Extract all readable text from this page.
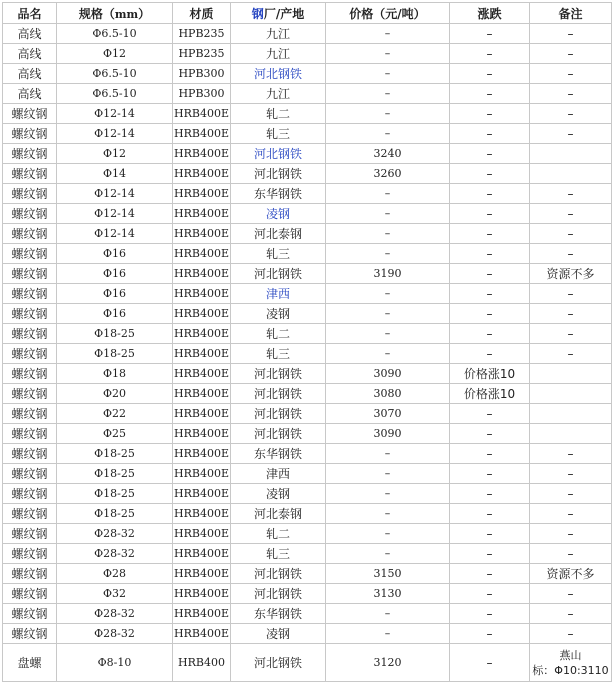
品名	规格（mm）	材质	钢厂/产地	价格（元/吨）	涨跌	备注
高线	Φ6.5-10	HPB235	九江	–	–	–
高线	Φ12	HPB235	九江	–	–	–
高线	Φ6.5-10	HPB300	河北钢铁	–	–	–
高线	Φ6.5-10	HPB300	九江	–	–	–
螺纹钢	Φ12-14	HRB400E	轧二	–	–	–
螺纹钢	Φ12-14	HRB400E	轧三	–	–	–
螺纹钢	Φ12	HRB400E	河北钢铁	3240	–	
螺纹钢	Φ14	HRB400E	河北钢铁	3260	–	
螺纹钢	Φ12-14	HRB400E	东华钢铁	–	–	–
螺纹钢	Φ12-14	HRB400E	凌钢	–	–	–
螺纹钢	Φ12-14	HRB400E	河北泰钢	–	–	–
螺纹钢	Φ16	HRB400E	轧三	–	–	–
螺纹钢	Φ16	HRB400E	河北钢铁	3190	–	资源不多
螺纹钢	Φ16	HRB400E	津西	–	–	–
螺纹钢	Φ16	HRB400E	凌钢	–	–	–
螺纹钢	Φ18-25	HRB400E	轧二	–	–	–
螺纹钢	Φ18-25	HRB400E	轧三	–	–	–
螺纹钢	Φ18	HRB400E	河北钢铁	3090	价格涨10	
螺纹钢	Φ20	HRB400E	河北钢铁	3080	价格涨10	
螺纹钢	Φ22	HRB400E	河北钢铁	3070	–	
螺纹钢	Φ25	HRB400E	河北钢铁	3090	–	
螺纹钢	Φ18-25	HRB400E	东华钢铁	–	–	–
螺纹钢	Φ18-25	HRB400E	津西	–	–	–
螺纹钢	Φ18-25	HRB400E	凌钢	–	–	–
螺纹钢	Φ18-25	HRB400E	河北泰钢	–	–	–
螺纹钢	Φ28-32	HRB400E	轧二	–	–	–
螺纹钢	Φ28-32	HRB400E	轧三	–	–	–
螺纹钢	Φ28	HRB400E	河北钢铁	3150	–	资源不多
螺纹钢	Φ32	HRB400E	河北钢铁	3130	–	–
螺纹钢	Φ28-32	HRB400E	东华钢铁	–	–	–
螺纹钢	Φ28-32	HRB400E	凌钢	–	–	–
盘螺	Φ8-10	HRB400	河北钢铁	3120	–	燕山
标：Φ10:3110
